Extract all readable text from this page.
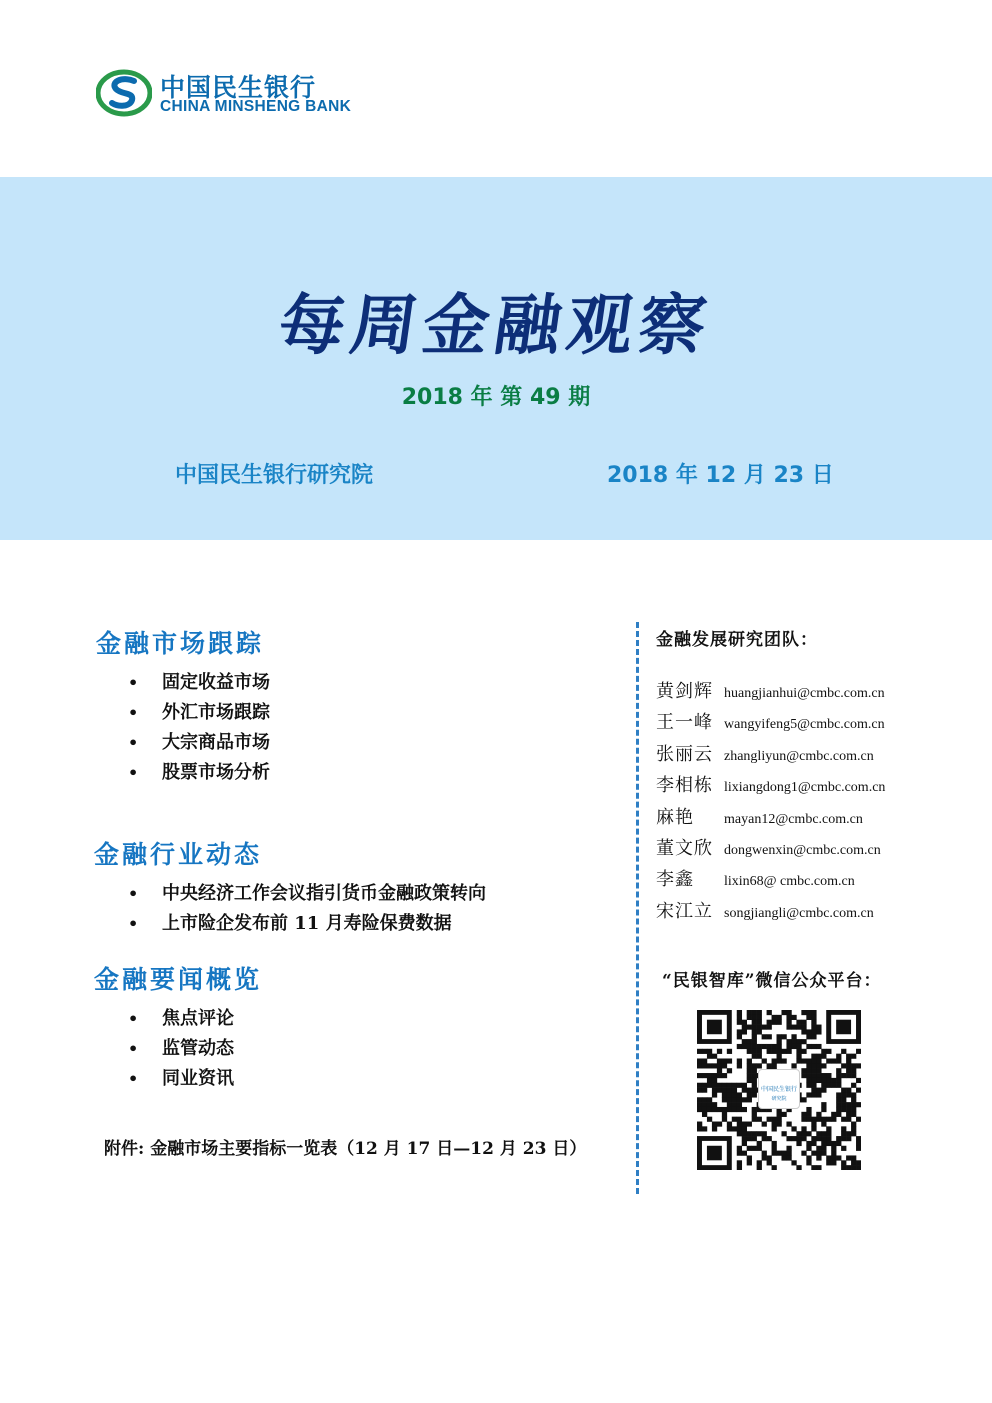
中国民生银行
CHINA MINSHENG BANK
每周金融观察
2018 年 第 49 期
中国民生银行研究院	2018 年 12 月 23 日
金融市场跟踪
• 固定收益市场
• 外汇市场跟踪
• 大宗商品市场
• 股票市场分析
金融行业动态
• 中央经济工作会议指引货币金融政策转向
• 上市险企发布前 11 月寿险保费数据
金融要闻概览
• 焦点评论
• 监管动态
• 同业资讯
附件: 金融市场主要指标一览表（12 月 17 日—12 月 23 日）
金融发展研究团队：
黄剑辉 huangjianhui@cmbc.com.cn
王一峰 wangyifeng5@cmbc.com.cn
张丽云 zhangliyun@cmbc.com.cn
李相栋 lixiangdong1@cmbc.com.cn
麻艳 mayan12@cmbc.com.cn
董文欣 dongwenxin@cmbc.com.cn
李鑫 lixin68@ cmbc.com.cn
宋江立 songjiangli@cmbc.com.cn
“民银智库”微信公众平台：
中国民生银行
研究院
